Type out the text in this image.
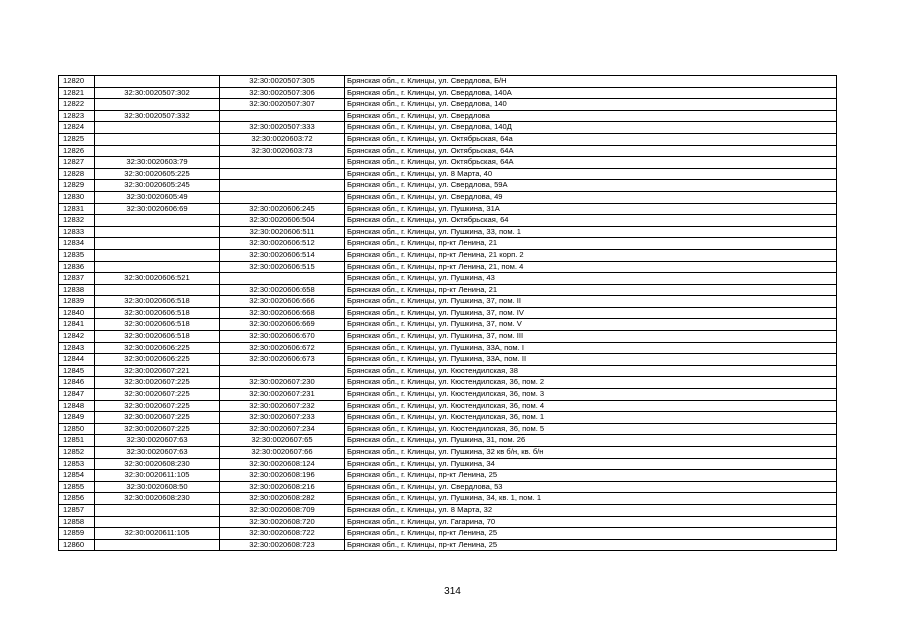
12820		32:30:0020507:305	Брянская обл., г. Клинцы, ул. Свердлова, Б/Н
12821	32:30:0020507:302	32:30:0020507:306	Брянская обл., г. Клинцы, ул. Свердлова, 140А
12822		32:30:0020507:307	Брянская обл., г. Клинцы, ул. Свердлова, 140
12823	32:30:0020507:332		Брянская обл., г. Клинцы, ул. Свердлова
12824		32:30:0020507:333	Брянская обл., г. Клинцы, ул. Свердлова, 140Д
12825		32:30:0020603:72	Брянская обл., г. Клинцы, ул. Октябрьская, 64а
12826		32:30:0020603:73	Брянская обл., г. Клинцы, ул. Октябрьская, 64А
12827	32:30:0020603:79		Брянская обл., г. Клинцы, ул. Октябрьская, 64А
12828	32:30:0020605:225		Брянская обл., г. Клинцы, ул. 8 Марта, 40
12829	32:30:0020605:245		Брянская обл., г. Клинцы, ул. Свердлова, 59А
12830	32:30:0020605:49		Брянская обл., г. Клинцы, ул. Свердлова, 49
12831	32:30:0020606:69	32:30:0020606:245	Брянская обл., г. Клинцы, ул. Пушкина, 31А
12832		32:30:0020606:504	Брянская обл., г. Клинцы, ул. Октябрьская, 64
12833		32:30:0020606:511	Брянская обл., г. Клинцы, ул. Пушкина, 33, пом. 1
12834		32:30:0020606:512	Брянская обл., г. Клинцы, пр-кт Ленина, 21
12835		32:30:0020606:514	Брянская обл., г. Клинцы, пр-кт Ленина, 21 корп. 2
12836		32:30:0020606:515	Брянская обл., г. Клинцы, пр-кт Ленина, 21, пом. 4
12837	32:30:0020606:521		Брянская обл., г. Клинцы, ул. Пушкина, 43
12838		32:30:0020606:658	Брянская обл., г. Клинцы, пр-кт Ленина, 21
12839	32:30:0020606:518	32:30:0020606:666	Брянская обл., г. Клинцы, ул. Пушкина, 37, пом. II
12840	32:30:0020606:518	32:30:0020606:668	Брянская обл., г. Клинцы, ул. Пушкина, 37, пом. IV
12841	32:30:0020606:518	32:30:0020606:669	Брянская обл., г. Клинцы, ул. Пушкина, 37, пом. V
12842	32:30:0020606:518	32:30:0020606:670	Брянская обл., г. Клинцы, ул. Пушкина, 37, пом. III
12843	32:30:0020606:225	32:30:0020606:672	Брянская обл., г. Клинцы, ул. Пушкина, 33А, пом. I
12844	32:30:0020606:225	32:30:0020606:673	Брянская обл., г. Клинцы, ул. Пушкина, 33А, пом. II
12845	32:30:0020607:221		Брянская обл., г. Клинцы, ул. Кюстендилская, 38
12846	32:30:0020607:225	32:30:0020607:230	Брянская обл., г. Клинцы, ул. Кюстендилская, 36, пом. 2
12847	32:30:0020607:225	32:30:0020607:231	Брянская обл., г. Клинцы, ул. Кюстендилская, 36, пом. 3
12848	32:30:0020607:225	32:30:0020607:232	Брянская обл., г. Клинцы, ул. Кюстендилская, 36, пом. 4
12849	32:30:0020607:225	32:30:0020607:233	Брянская обл., г. Клинцы, ул. Кюстендилская, 36, пом. 1
12850	32:30:0020607:225	32:30:0020607:234	Брянская обл., г. Клинцы, ул. Кюстендилская, 36, пом. 5
12851	32:30:0020607:63	32:30:0020607:65	Брянская обл., г. Клинцы, ул. Пушкина, 31, пом. 26
12852	32:30:0020607:63	32:30:0020607:66	Брянская обл., г. Клинцы, ул. Пушкина, 32 кв б/н, кв. б/н
12853	32:30:0020608:230	32:30:0020608:124	Брянская обл., г. Клинцы, ул. Пушкина, 34
12854	32:30:0020611:105	32:30:0020608:196	Брянская обл., г. Клинцы, пр-кт Ленина, 25
12855	32:30:0020608:50	32:30:0020608:216	Брянская обл., г. Клинцы, ул. Свердлова, 53
12856	32:30:0020608:230	32:30:0020608:282	Брянская обл., г. Клинцы, ул. Пушкина, 34, кв. 1, пом. 1
12857		32:30:0020608:709	Брянская обл., г. Клинцы, ул. 8 Марта, 32
12858		32:30:0020608:720	Брянская обл., г. Клинцы, ул. Гагарина, 70
12859	32:30:0020611:105	32:30:0020608:722	Брянская обл., г. Клинцы, пр-кт Ленина, 25
12860		32:30:0020608:723	Брянская обл., г. Клинцы, пр-кт Ленина, 25
314
